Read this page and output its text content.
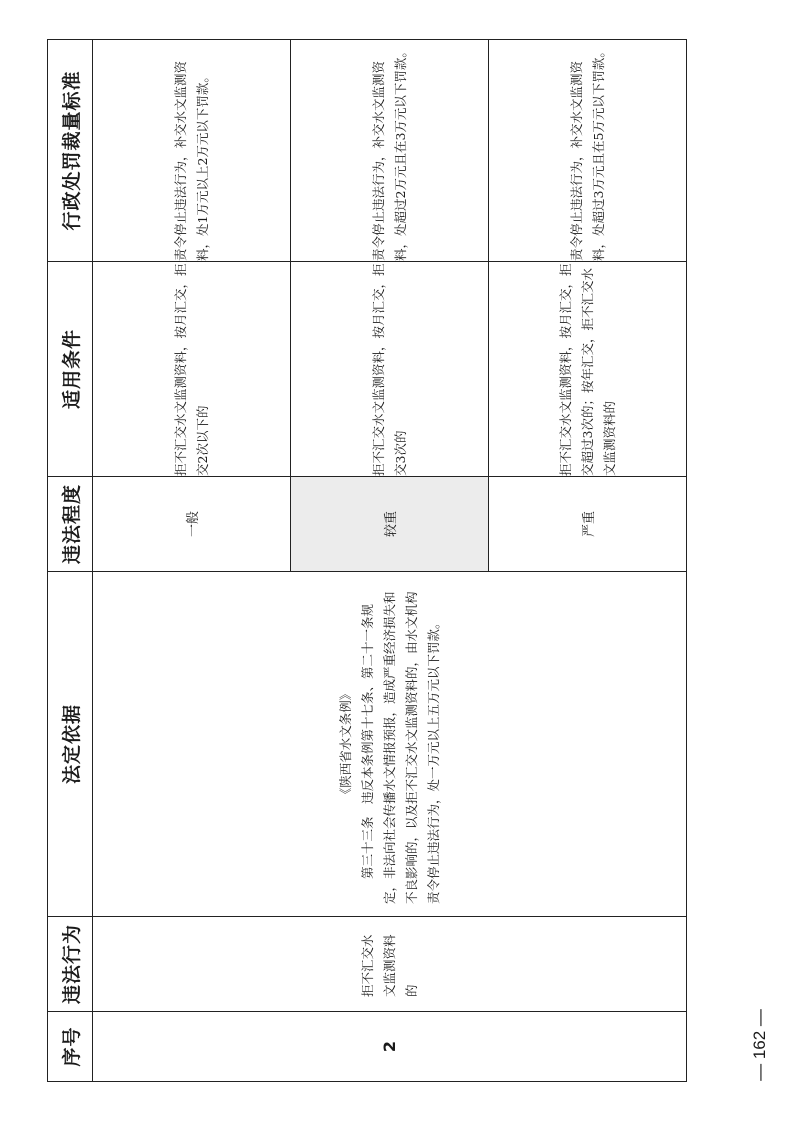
序号	违法行为	法定依据	违法程度	适用条件	行政处罚裁量标准
2	拒不汇交水文监测资料的	《陕西省水文条例》 第三十三条　违反本条例第十七条、第二十一条规定，非法向社会传播水文情报预报，造成严重经济损失和不良影响的，以及拒不汇交水文监测资料的，由水文机构责令停止违法行为，处一万元以上五万元以下罚款。	一般	拒不汇交水文监测资料，按月汇交，拒交2次以下的	责令停止违法行为，补交水文监测资料，处1万元以上2万元以下罚款。
			较重	拒不汇交水文监测资料，按月汇交，拒交3次的	责令停止违法行为，补交水文监测资料，处超过2万元且在3万元以下罚款。
			严重	拒不汇交水文监测资料，按月汇交，拒交超过3次的；按年汇交，拒不汇交水文监测资料的	责令停止违法行为，补交水文监测资料，处超过3万元且在5万元以下罚款。
— 162 —
